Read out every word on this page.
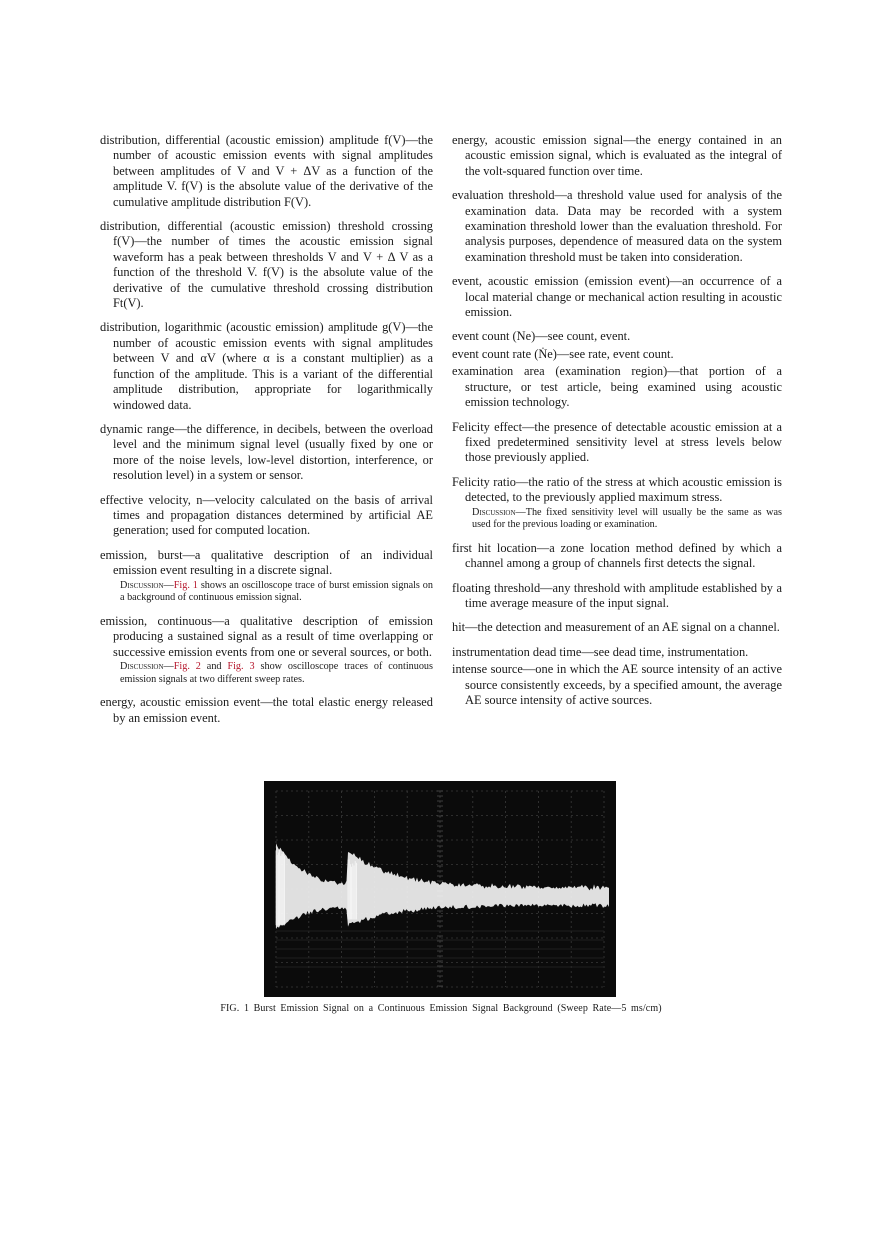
distribution, differential (acoustic emission) amplitude f(V)—the number of acoustic emission events with signal amplitudes between amplitudes of V and V + ΔV as a function of the amplitude V. f(V) is the absolute value of the derivative of the cumulative amplitude distribution F(V).
distribution, differential (acoustic emission) threshold crossing f(V)—the number of times the acoustic emission signal waveform has a peak between thresholds V and V + Δ V as a function of the threshold V. f(V) is the absolute value of the derivative of the cumulative threshold crossing distribution Ft(V).
distribution, logarithmic (acoustic emission) amplitude g(V)—the number of acoustic emission events with signal amplitudes between V and αV (where α is a constant multiplier) as a function of the amplitude. This is a variant of the differential amplitude distribution, appropriate for logarithmically windowed data.
dynamic range—the difference, in decibels, between the overload level and the minimum signal level (usually fixed by one or more of the noise levels, low-level distortion, interference, or resolution level) in a system or sensor.
effective velocity, n—velocity calculated on the basis of arrival times and propagation distances determined by artificial AE generation; used for computed location.
emission, burst—a qualitative description of an individual emission event resulting in a discrete signal.
Discussion—Fig. 1 shows an oscilloscope trace of burst emission signals on a background of continuous emission signal.
emission, continuous—a qualitative description of emission producing a sustained signal as a result of time overlapping or successive emission events from one or several sources, or both.
Discussion—Fig. 2 and Fig. 3 show oscilloscope traces of continuous emission signals at two different sweep rates.
energy, acoustic emission event—the total elastic energy released by an emission event.
energy, acoustic emission signal—the energy contained in an acoustic emission signal, which is evaluated as the integral of the volt-squared function over time.
evaluation threshold—a threshold value used for analysis of the examination data. Data may be recorded with a system examination threshold lower than the evaluation threshold. For analysis purposes, dependence of measured data on the system examination threshold must be taken into consideration.
event, acoustic emission (emission event)—an occurrence of a local material change or mechanical action resulting in acoustic emission.
event count (Ne)—see count, event.
event count rate (Ṅe)—see rate, event count.
examination area (examination region)—that portion of a structure, or test article, being examined using acoustic emission technology.
Felicity effect—the presence of detectable acoustic emission at a fixed predetermined sensitivity level at stress levels below those previously applied.
Felicity ratio—the ratio of the stress at which acoustic emission is detected, to the previously applied maximum stress.
Discussion—The fixed sensitivity level will usually be the same as was used for the previous loading or examination.
first hit location—a zone location method defined by which a channel among a group of channels first detects the signal.
floating threshold—any threshold with amplitude established by a time average measure of the input signal.
hit—the detection and measurement of an AE signal on a channel.
instrumentation dead time—see dead time, instrumentation.
intense source—one in which the AE source intensity of an active source consistently exceeds, by a specified amount, the average AE source intensity of active sources.
FIG. 1 Burst Emission Signal on a Continuous Emission Signal Background (Sweep Rate—5 ms/cm)
